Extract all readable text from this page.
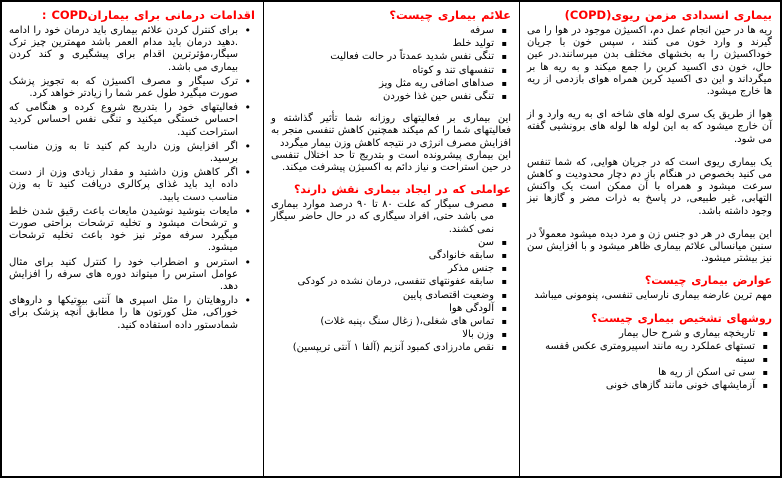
بیماری انسدادی مزمن ریوی(COPD)

ریه ها در حین انجام عمل دم، اکسیژن موجود در هوا را می گیرند و وارد خون می کنند ، سپس خون با جریان خوداکسیژن را به بخشهای مختلف بدن میرسانند.در عین حال، خون دی اکسید کربن را جمع میکند و به ریه ها بر میگرداند و این دی اکسید کربن همراه هوای بازدمی از ریه ها خارج میشود.

هوا از طریق یک سری لوله های شاخه ای به ریه وارد و از آن خارج میشود که به این لوله ها لوله های برونشیی گفته می شود.

یک بیماری ریوی است که در جریان هوایی, که شما تنفس می کنید بخصوص در هنگام باز دم دچار محدودیت و کاهش سرعت میشود و همراه با آن ممکن است یک واکنش التهابی, غیر طبیعی, در پاسخ به ذرات مضر و گازها نیز وجود داشته باشد.

این بیماری در هر دو جنس زن و مرد دیده میشود معمولاً در سنین میانسالی علائم بیماری ظاهر میشود و با افزایش سن نیز بیشتر میشود.

عوارض بیماری چیست؟

مهم ترین عارضه بیماری نارسایی تنفسی، پنومونی میباشد

روشهای تشخیص بیماری چیست؟
▪ تاریخچه بیماری و شرح حال بیمار
▪ تستهای عملکرد ریه مانند اسپیرومتری عکس قفسه
▪ سینه
▪ سی تی اسکن از ریه ها
▪ آزمایشهای خونی مانند گازهای خونی
علائم بیماری چیست؟
▪ سرفه
▪ تولید خلط
▪ تنگی نفس شدید عمدتاً در حالت فعالیت
▪ تنفسهای تند و کوتاه
▪ صداهای اضافی ریه مثل ویز
▪ تنگی نفس حین غذا خوردن

این بیماری بر فعالیتهای روزانه شما تأثیر گذاشته و فعالیتهای شما را کم میکند همچنین کاهش تنفسی منجر به افزایش مصرف انرژی در نتیجه کاهش وزن بیمار میگردد

این بیماری پیشرونده است و بتدریج تا حد اختلال تنفسی در حین استراحت و نیاز دائم به اکسیژن پیشرفت میکند.

عواملی که در ایجاد بیماری نقش دارند؟
▪ مصرف سیگار که علت ۸۰ تا ۹۰ درصد موارد بیماری می باشد حتی, افراد سیگاری که در حال حاضر سیگار نمی کشند.
▪ سن
▪ سابقه خانوادگی
▪ جنس مذکر
▪ سابقه عفونتهای تنفسی, درمان نشده در کودکی
▪ وضعیت اقتصادی پایین
▪ آلودگی هوا
▪ تماس های شغلی،( زغال سنگ ،پنبه غلات)
▪ وزن بالا
▪ نقص مادرزادی کمبود آنزیم (آلفا ۱ آنتی تریپسین)
اقدامات درمانی برای بیمارانCOPD :
• برای کنترل کردن علائم بیماری باید درمان خود را ادامه .دهید درمان باید مدام العمر باشد مهمترین چیز ترک سیگار،مؤثرترین اقدام برای پیشگیری و کند کردن بیماری می باشد.
• ترک سیگار و مصرف اکسیژن که به تجویز پزشک صورت میگیرد طول عمر شما را زیادتر خواهد کرد.
• فعالیتهای خود را بتدریج شروع کرده و هنگامی که احساس خستگی میکنید و تنگی نفس احساس کردید استراحت کنید.
• اگر افزایش وزن دارید کم کنید تا به وزن مناسب برسید.
• اگر کاهش وزن داشتید و مقدار زیادی وزن از دست داده اید باید غذای پرکالری دریافت کنید تا به وزن مناسب دست یابید.
• مایعات بنوشید نوشیدن مایعات باعث رقیق شدن خلط و ترشحات میشود و تخلیه ترشحات براحتی صورت میگیرد سرفه موثر نیز خود باعث تخلیه ترشحات میشود.
• استرس و اضطراب خود را کنترل کنید برای مثال عوامل استرس را میتواند دوره های سرفه را افزایش دهد.
• داروهایتان را مثل اسپری ها آنتی بیوتیکها و داروهای خوراکی, مثل کورتون ها را مطابق آنچه پزشک برای شمادستور داده استفاده کنید.
